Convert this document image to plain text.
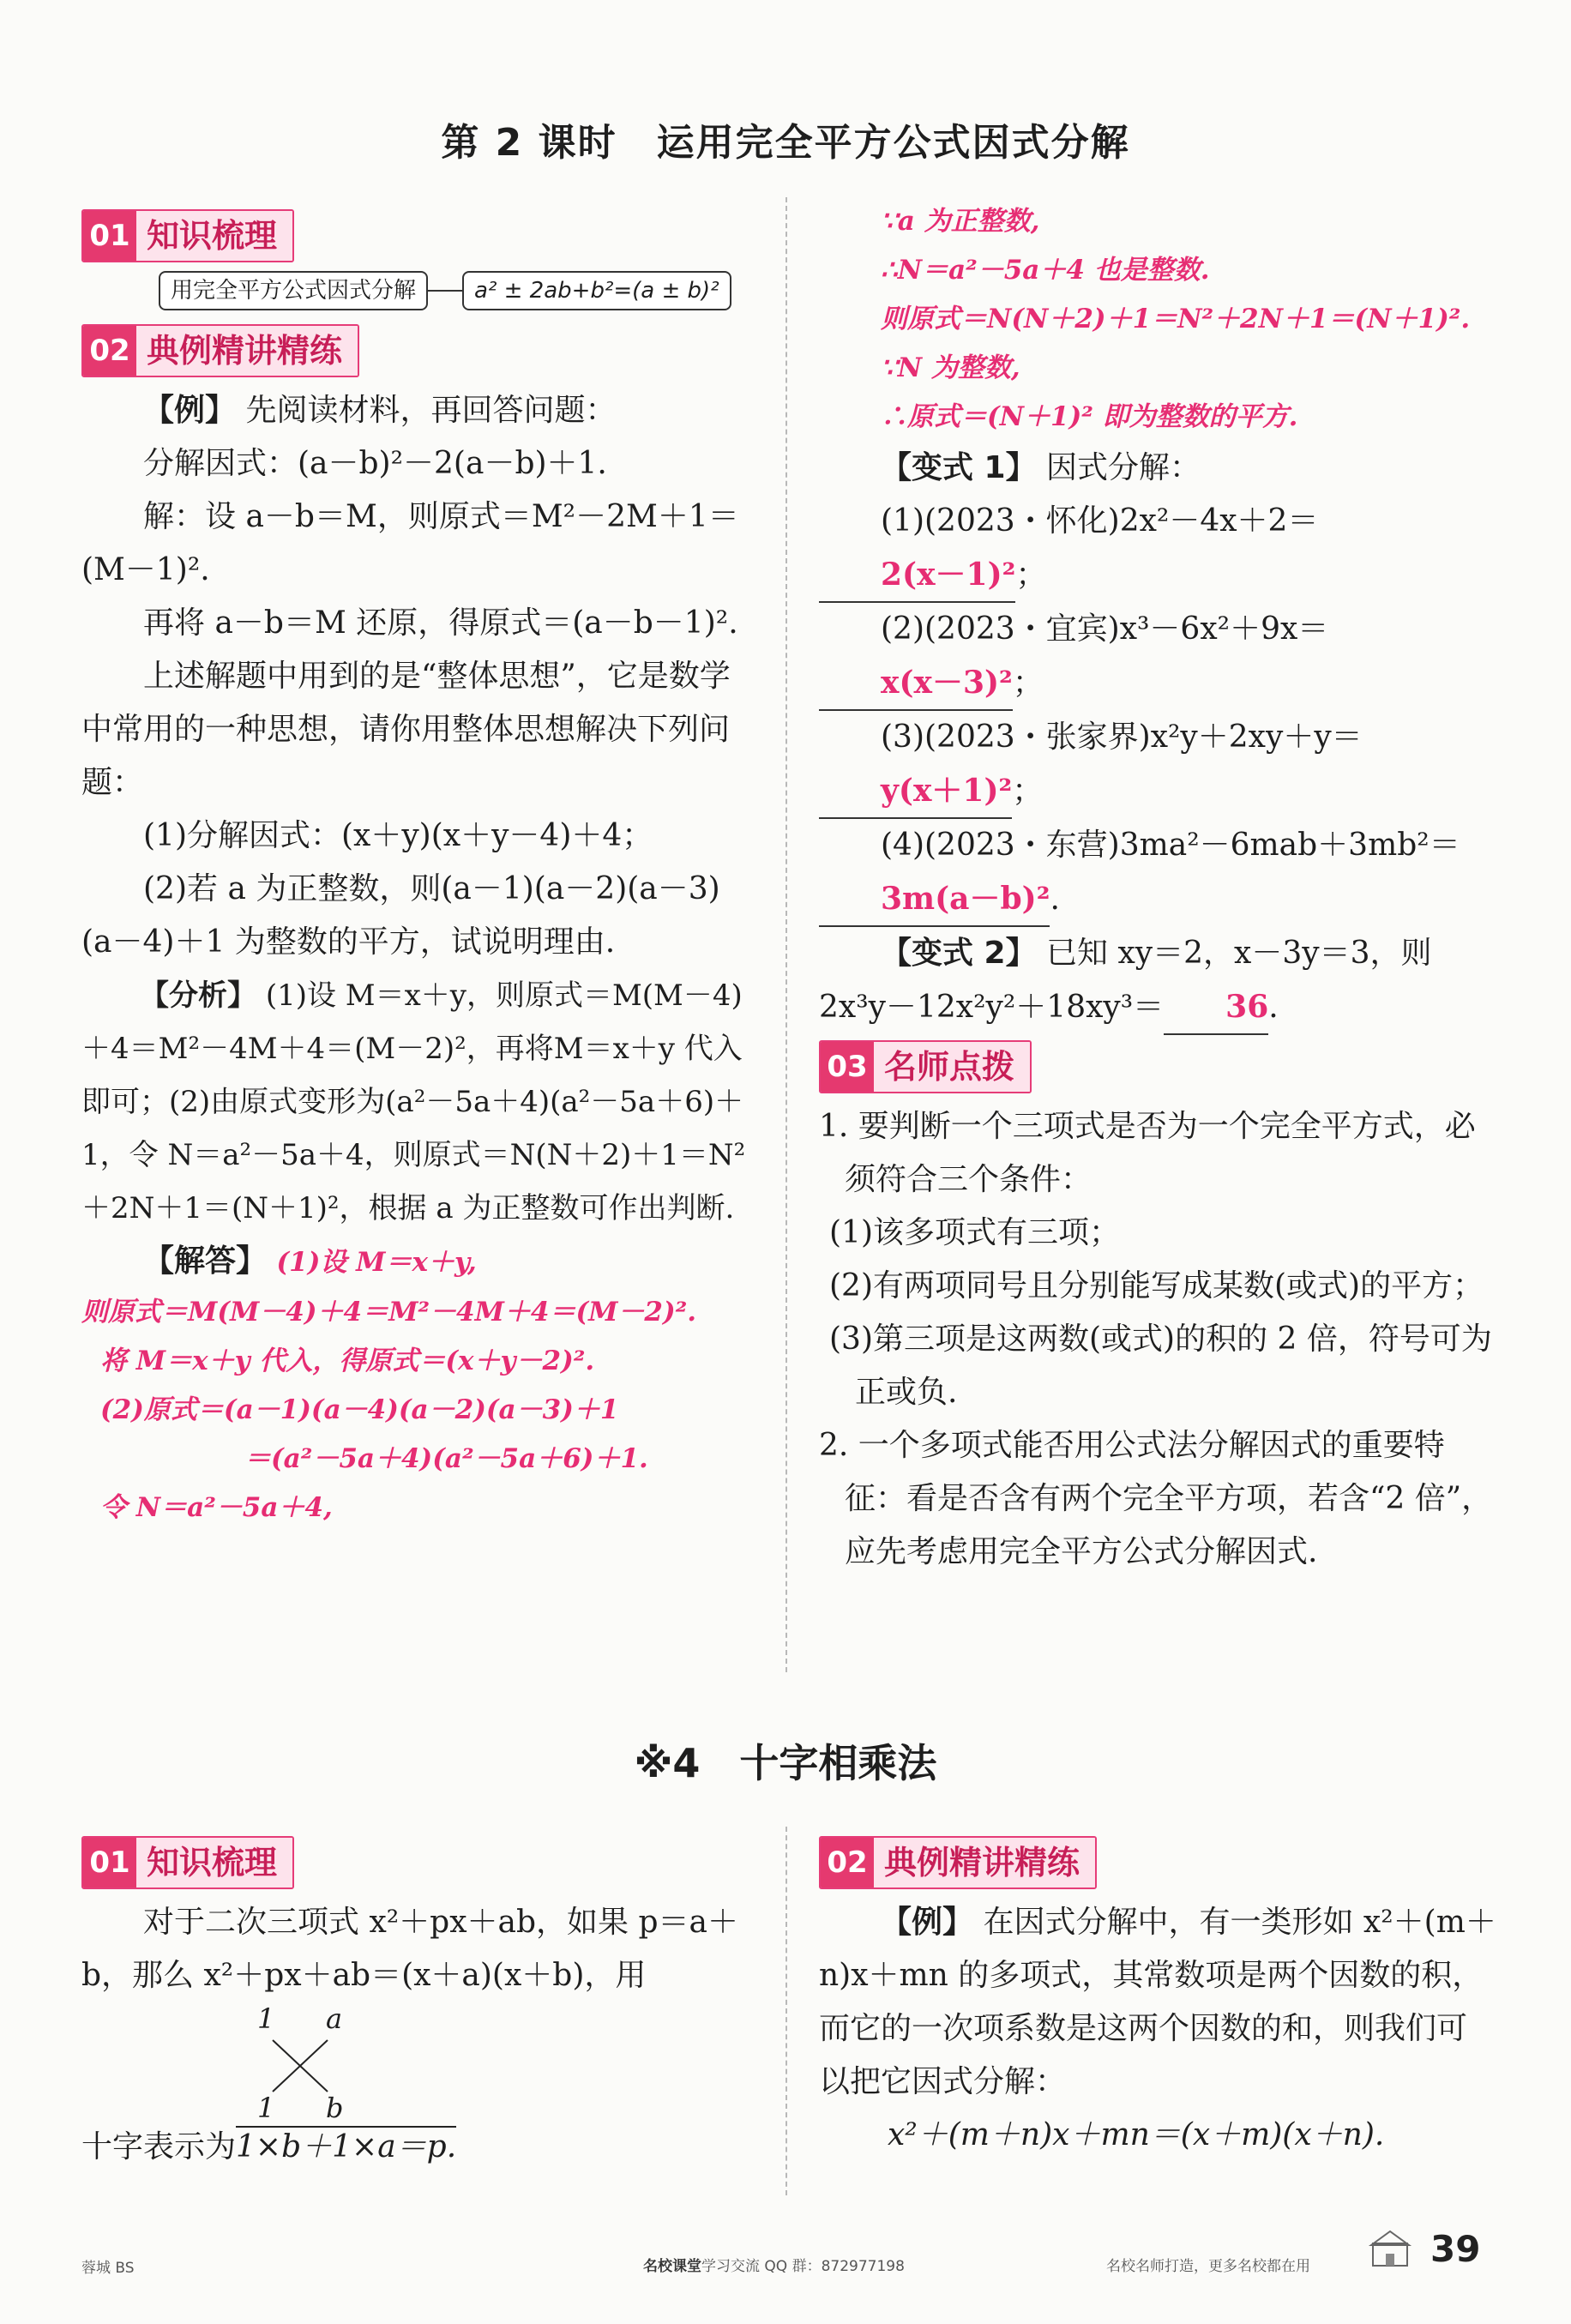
第 2 课时　运用完全平方公式因式分解
01 知识梳理
用完全平方公式因式分解	a² ± 2ab+b²=(a ± b)²
02 典例精讲精练

【例】 先阅读材料，再回答问题：

分解因式：(a－b)²－2(a－b)＋1.

解：设 a－b＝M，则原式＝M²－2M＋1＝(M－1)².

再将 a－b＝M 还原，得原式＝(a－b－1)².

上述解题中用到的是“整体思想”，它是数学中常用的一种思想，请你用整体思想解决下列问题：

(1)分解因式：(x＋y)(x＋y－4)＋4；

(2)若 a 为正整数，则(a－1)(a－2)(a－3)(a－4)＋1 为整数的平方，试说明理由.

【分析】 (1)设 M＝x＋y，则原式＝M(M－4)＋4＝M²－4M＋4＝(M－2)²，再将M＝x＋y 代入即可；(2)由原式变形为(a²－5a＋4)(a²－5a＋6)＋1，令 N＝a²－5a＋4，则原式＝N(N＋2)＋1＝N²＋2N＋1＝(N＋1)²，根据 a 为正整数可作出判断.

【解答】 (1)设 M＝x＋y,

则原式＝M(M－4)＋4＝M²－4M＋4＝(M－2)².

将 M＝x＋y 代入，得原式＝(x＋y－2)².

(2)原式＝(a－1)(a－4)(a－2)(a－3)＋1

＝(a²－5a＋4)(a²－5a＋6)＋1.

令 N＝a²－5a＋4,

∵a 为正整数,

∴N＝a²－5a＋4 也是整数.

则原式＝N(N＋2)＋1＝N²＋2N＋1＝(N＋1)².

∵N 为整数,

∴原式＝(N＋1)² 即为整数的平方.

【变式 1】 因式分解：

(1)(2023・怀化)2x²－4x＋2＝2(x－1)²；

(2)(2023・宜宾)x³－6x²＋9x＝x(x－3)²；

(3)(2023・张家界)x²y＋2xy＋y＝y(x＋1)²；

(4)(2023・东营)3ma²－6mab＋3mb²＝3m(a－b)².

【变式 2】 已知 xy＝2，x－3y＝3，则 2x³y－12x²y²＋18xy³＝ 36.

03 名师点拨

1. 要判断一个三项式是否为一个完全平方式，必须符合三个条件：

(1)该多项式有三项；

(2)有两项同号且分别能写成某数(或式)的平方；

(3)第三项是这两数(或式)的积的 2 倍，符号可为正或负.

2. 一个多项式能否用公式法分解因式的重要特征：看是否含有两个完全平方项，若含“2 倍”，应先考虑用完全平方公式分解因式.

※4　十字相乘法
01 知识梳理

对于二次三项式 x²＋px＋ab，如果 p＝a＋b，那么 x²＋px＋ab＝(x＋a)(x＋b)，用

1 a
1 b
十字表示为1×b＋1×a＝p.
02 典例精讲精练

【例】 在因式分解中，有一类形如 x²＋(m＋n)x＋mn 的多项式，其常数项是两个因数的积，而它的一次项系数是这两个因数的和，则我们可以把它因式分解：

x²＋(m＋n)x＋mn＝(x＋m)(x＋n).

蓉城 BS	名校课堂学习交流 QQ 群：872977198	名校名师打造，更多名校都在用	39
